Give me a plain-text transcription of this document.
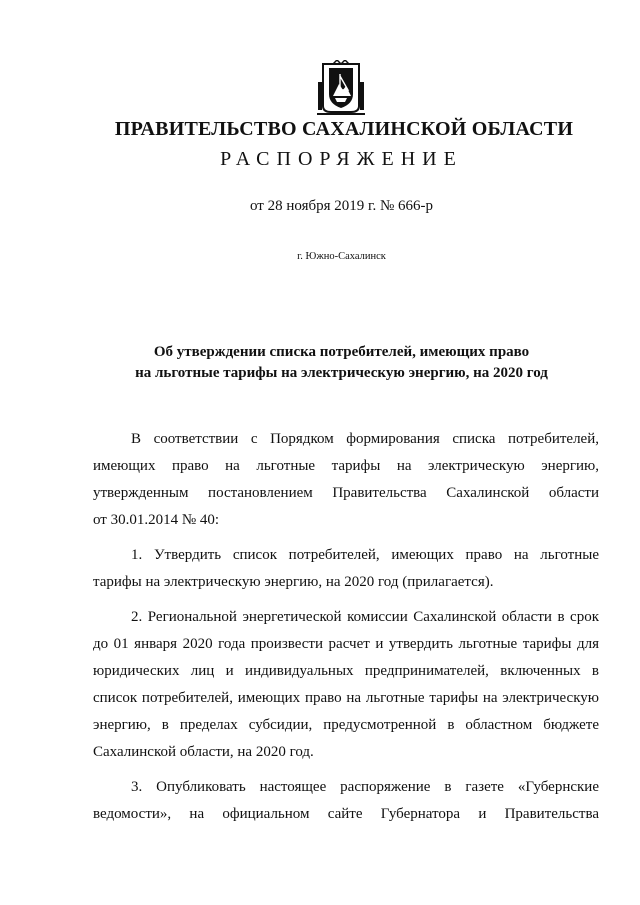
ПРАВИТЕЛЬСТВО САХАЛИНСКОЙ ОБЛАСТИ
РАСПОРЯЖЕНИЕ
от 28 ноября 2019 г. № 666-р
г. Южно-Сахалинск
Об утверждении списка потребителей, имеющих право
на льготные тарифы на электрическую энергию, на 2020 год
В соответствии с Порядком формирования списка потребителей,
имеющих право на льготные тарифы на электрическую энергию,
утвержденным постановлением Правительства Сахалинской области
от 30.01.2014 № 40:
1. Утвердить список потребителей, имеющих право на льготные
тарифы на электрическую энергию, на 2020 год (прилагается).
2. Региональной энергетической комиссии Сахалинской области в срок
до 01 января 2020 года произвести расчет и утвердить льготные тарифы для
юридических лиц и индивидуальных предпринимателей, включенных в
список потребителей, имеющих право на льготные тарифы на электрическую
энергию, в пределах субсидии, предусмотренной в областном бюджете
Сахалинской области, на 2020 год.
3. Опубликовать настоящее распоряжение в газете «Губернские
ведомости», на официальном сайте Губернатора и Правительства
